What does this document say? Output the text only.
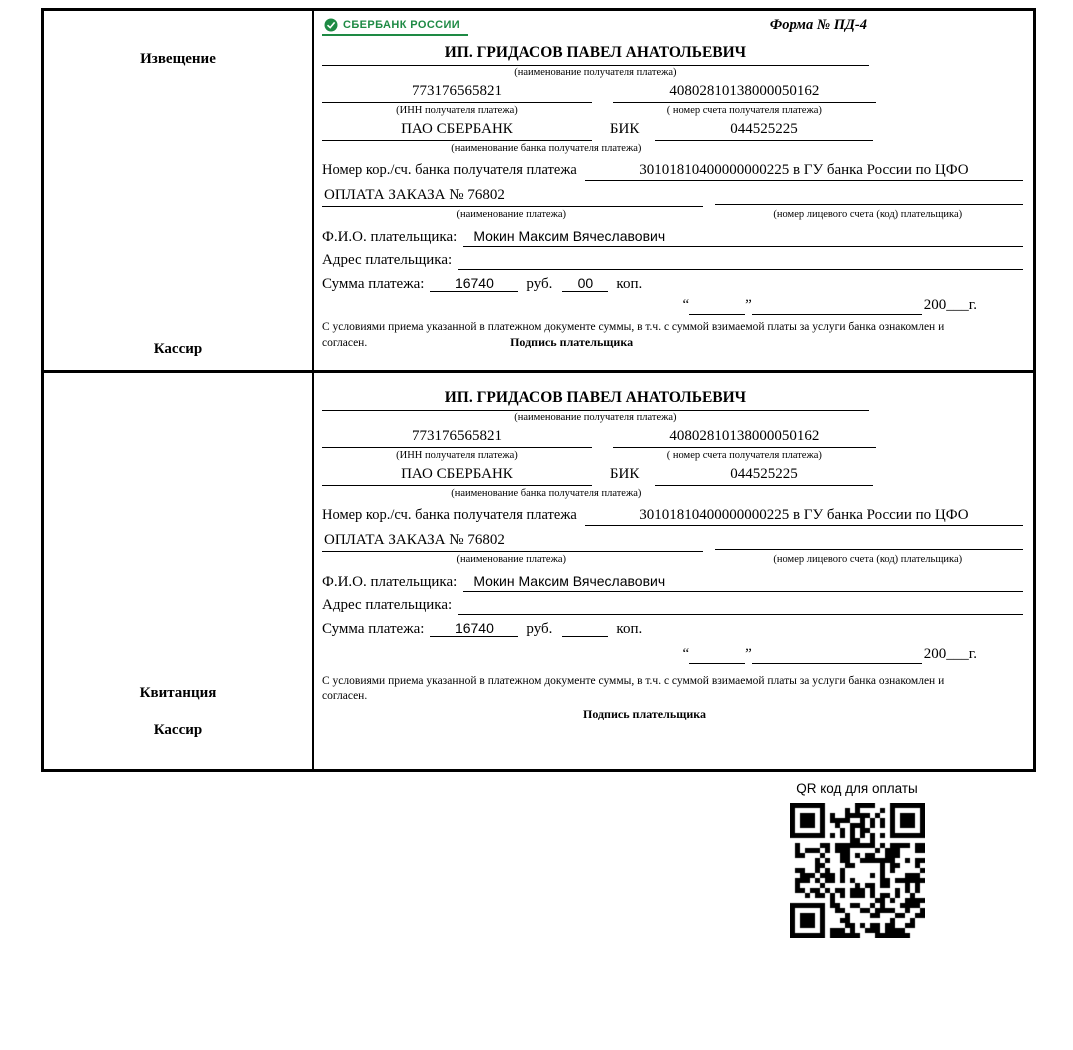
Извещение
Кассир
СБЕРБАНК РОССИИ	Форма № ПД-4
ИП. ГРИДАСОВ ПАВЕЛ АНАТОЛЬЕВИЧ
(наименование получателя платежа)
773176565821	40802810138000050162
(ИНН получателя платежа)	( номер счета получателя платежа)
ПАО СБЕРБАНК	БИК	044525225
(наименование банка получателя платежа)
Номер кор./сч. банка получателя платежа	30101810400000000225 в ГУ банка России по ЦФО
ОПЛАТА ЗАКАЗА № 76802
(наименование платежа)	(номер лицевого счета (код) плательщика)
Ф.И.О. плательщика:	Мокин Максим Вячеславович
Адрес плательщика:
Сумма платежа:	16740	руб.	00	коп.
“	”	200___г.
С условиями приема указанной в платежном документе суммы, в т.ч. с суммой взимаемой платы за услуги банка ознакомлен и согласен.	Подпись плательщика
Квитанция
Кассир
ИП. ГРИДАСОВ ПАВЕЛ АНАТОЛЬЕВИЧ
(наименование получателя платежа)
773176565821	40802810138000050162
(ИНН получателя платежа)	( номер счета получателя платежа)
ПАО СБЕРБАНК	БИК	044525225
(наименование банка получателя платежа)
Номер кор./сч. банка получателя платежа	30101810400000000225 в ГУ банка России по ЦФО
ОПЛАТА ЗАКАЗА № 76802
(наименование платежа)	(номер лицевого счета (код) плательщика)
Ф.И.О. плательщика:	Мокин Максим Вячеславович
Адрес плательщика:
Сумма платежа:	16740	руб.	коп.
“	”	200___г.
С условиями приема указанной в платежном документе суммы, в т.ч. с суммой взимаемой платы за услуги банка ознакомлен и согласен.
Подпись плательщика
QR код для оплаты
